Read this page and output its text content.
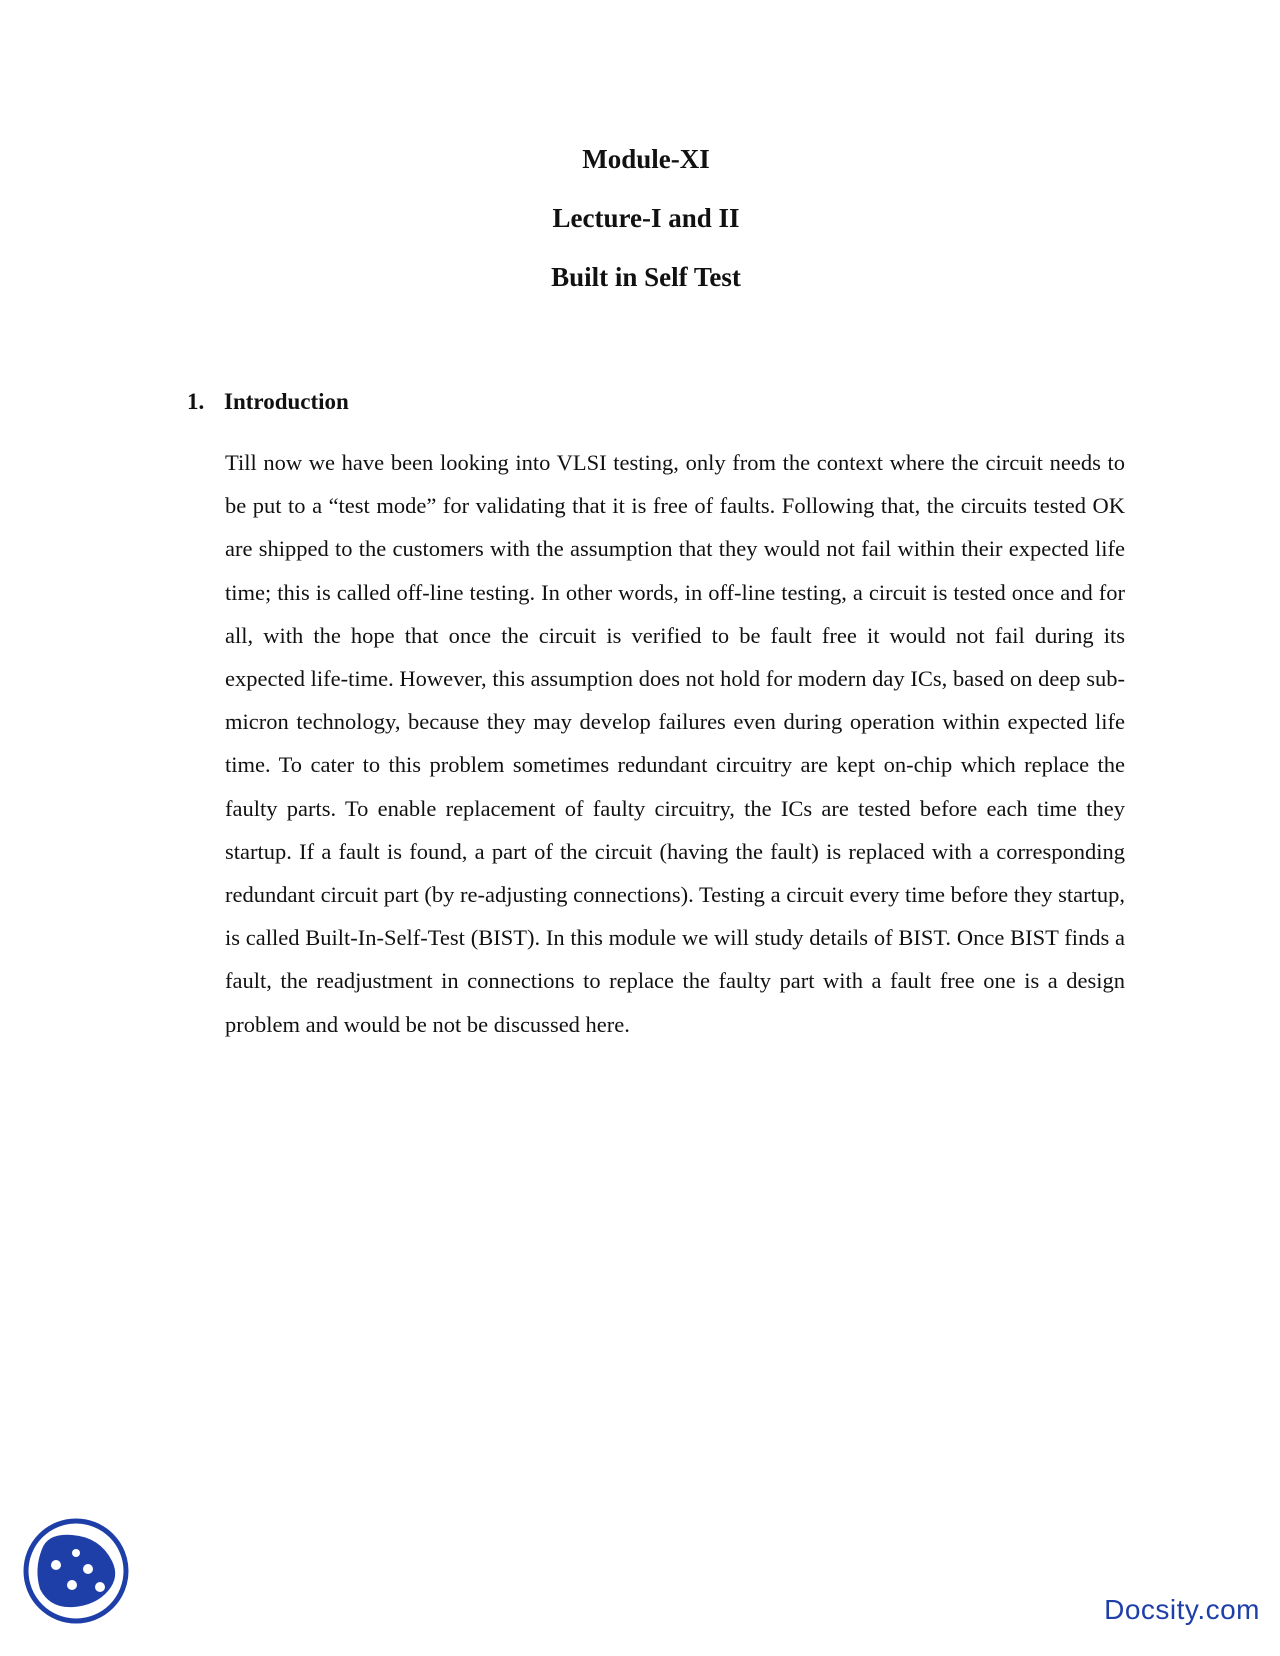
Module-XI
Lecture-I and II
Built in Self Test
1. Introduction

Till now we have been looking into VLSI testing, only from the context where the circuit needs to be put to a “test mode” for validating that it is free of faults. Following that, the circuits tested OK are shipped to the customers with the assumption that they would not fail within their expected life time; this is called off-line testing. In other words, in off-line testing, a circuit is tested once and for all, with the hope that once the circuit is verified to be fault free it would not fail during its expected life-time. However, this assumption does not hold for modern day ICs, based on deep sub-micron technology, because they may develop failures even during operation within expected life time. To cater to this problem sometimes redundant circuitry are kept on-chip which replace the faulty parts. To enable replacement of faulty circuitry, the ICs are tested before each time they startup. If a fault is found, a part of the circuit (having the fault) is replaced with a corresponding redundant circuit part (by re-adjusting connections). Testing a circuit every time before they startup, is called Built-In-Self-Test (BIST). In this module we will study details of BIST. Once BIST finds a fault, the readjustment in connections to replace the faulty part with a fault free one is a design problem and would be not be discussed here.

Docsity.com
